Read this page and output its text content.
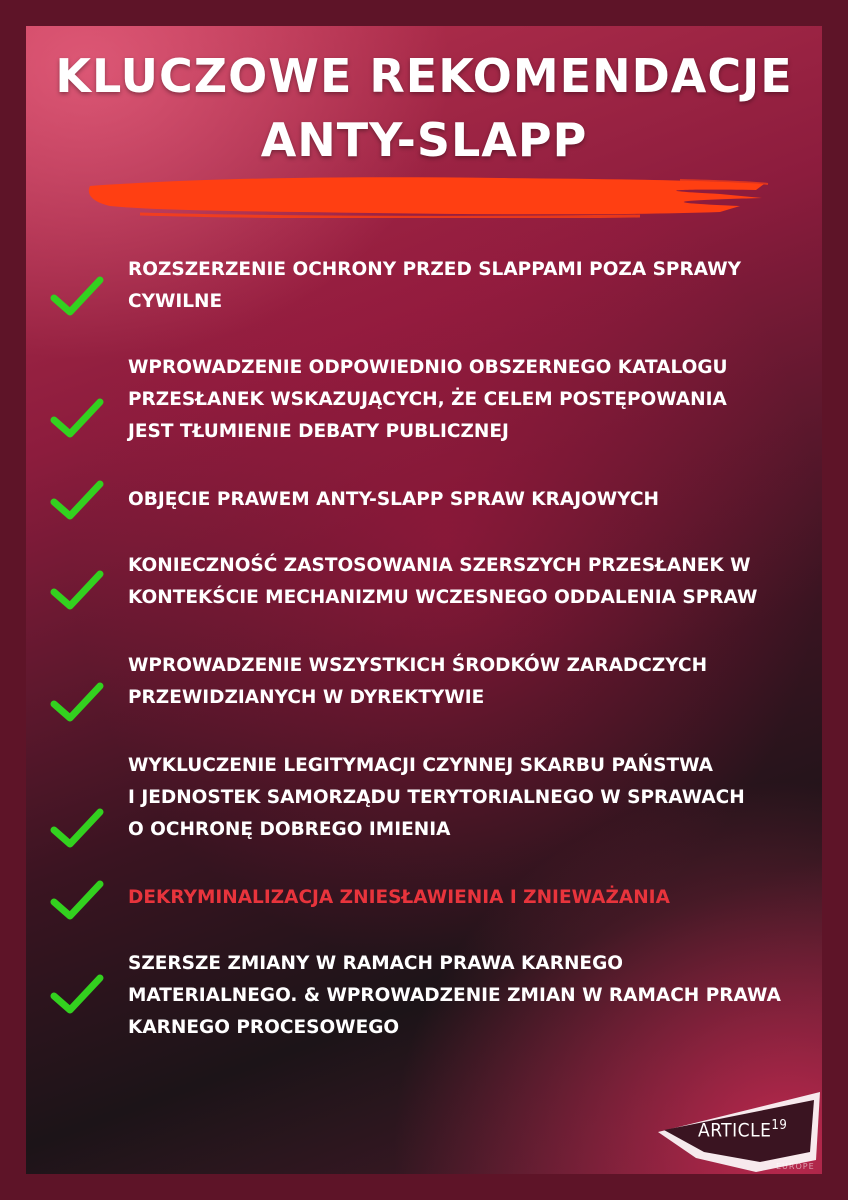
KLUCZOWE REKOMENDACJE
ANTY-SLAPP
ROZSZERZENIE OCHRONY PRZED SLAPPAMI POZA SPRAWY
CYWILNE
WPROWADZENIE ODPOWIEDNIO OBSZERNEGO KATALOGU
PRZESŁANEK WSKAZUJĄCYCH, ŻE CELEM POSTĘPOWANIA
JEST TŁUMIENIE DEBATY PUBLICZNEJ
OBJĘCIE PRAWEM ANTY-SLAPP SPRAW KRAJOWYCH
KONIECZNOŚĆ ZASTOSOWANIA SZERSZYCH PRZESŁANEK W
KONTEKŚCIE MECHANIZMU WCZESNEGO ODDALENIA SPRAW
WPROWADZENIE WSZYSTKICH ŚRODKÓW ZARADCZYCH
PRZEWIDZIANYCH W DYREKTYWIE
WYKLUCZENIE LEGITYMACJI CZYNNEJ SKARBU PAŃSTWA
I JEDNOSTEK SAMORZĄDU TERYTORIALNEGO W SPRAWACH
O OCHRONĘ DOBREGO IMIENIA
DEKRYMINALIZACJA ZNIESŁAWIENIA I ZNIEWAŻANIA
SZERSZE ZMIANY W RAMACH PRAWA KARNEGO
MATERIALNEGO. & WPROWADZENIE ZMIAN W RAMACH PRAWA
KARNEGO PROCESOWEGO
ARTICLE$^{19}$
EUROPE
